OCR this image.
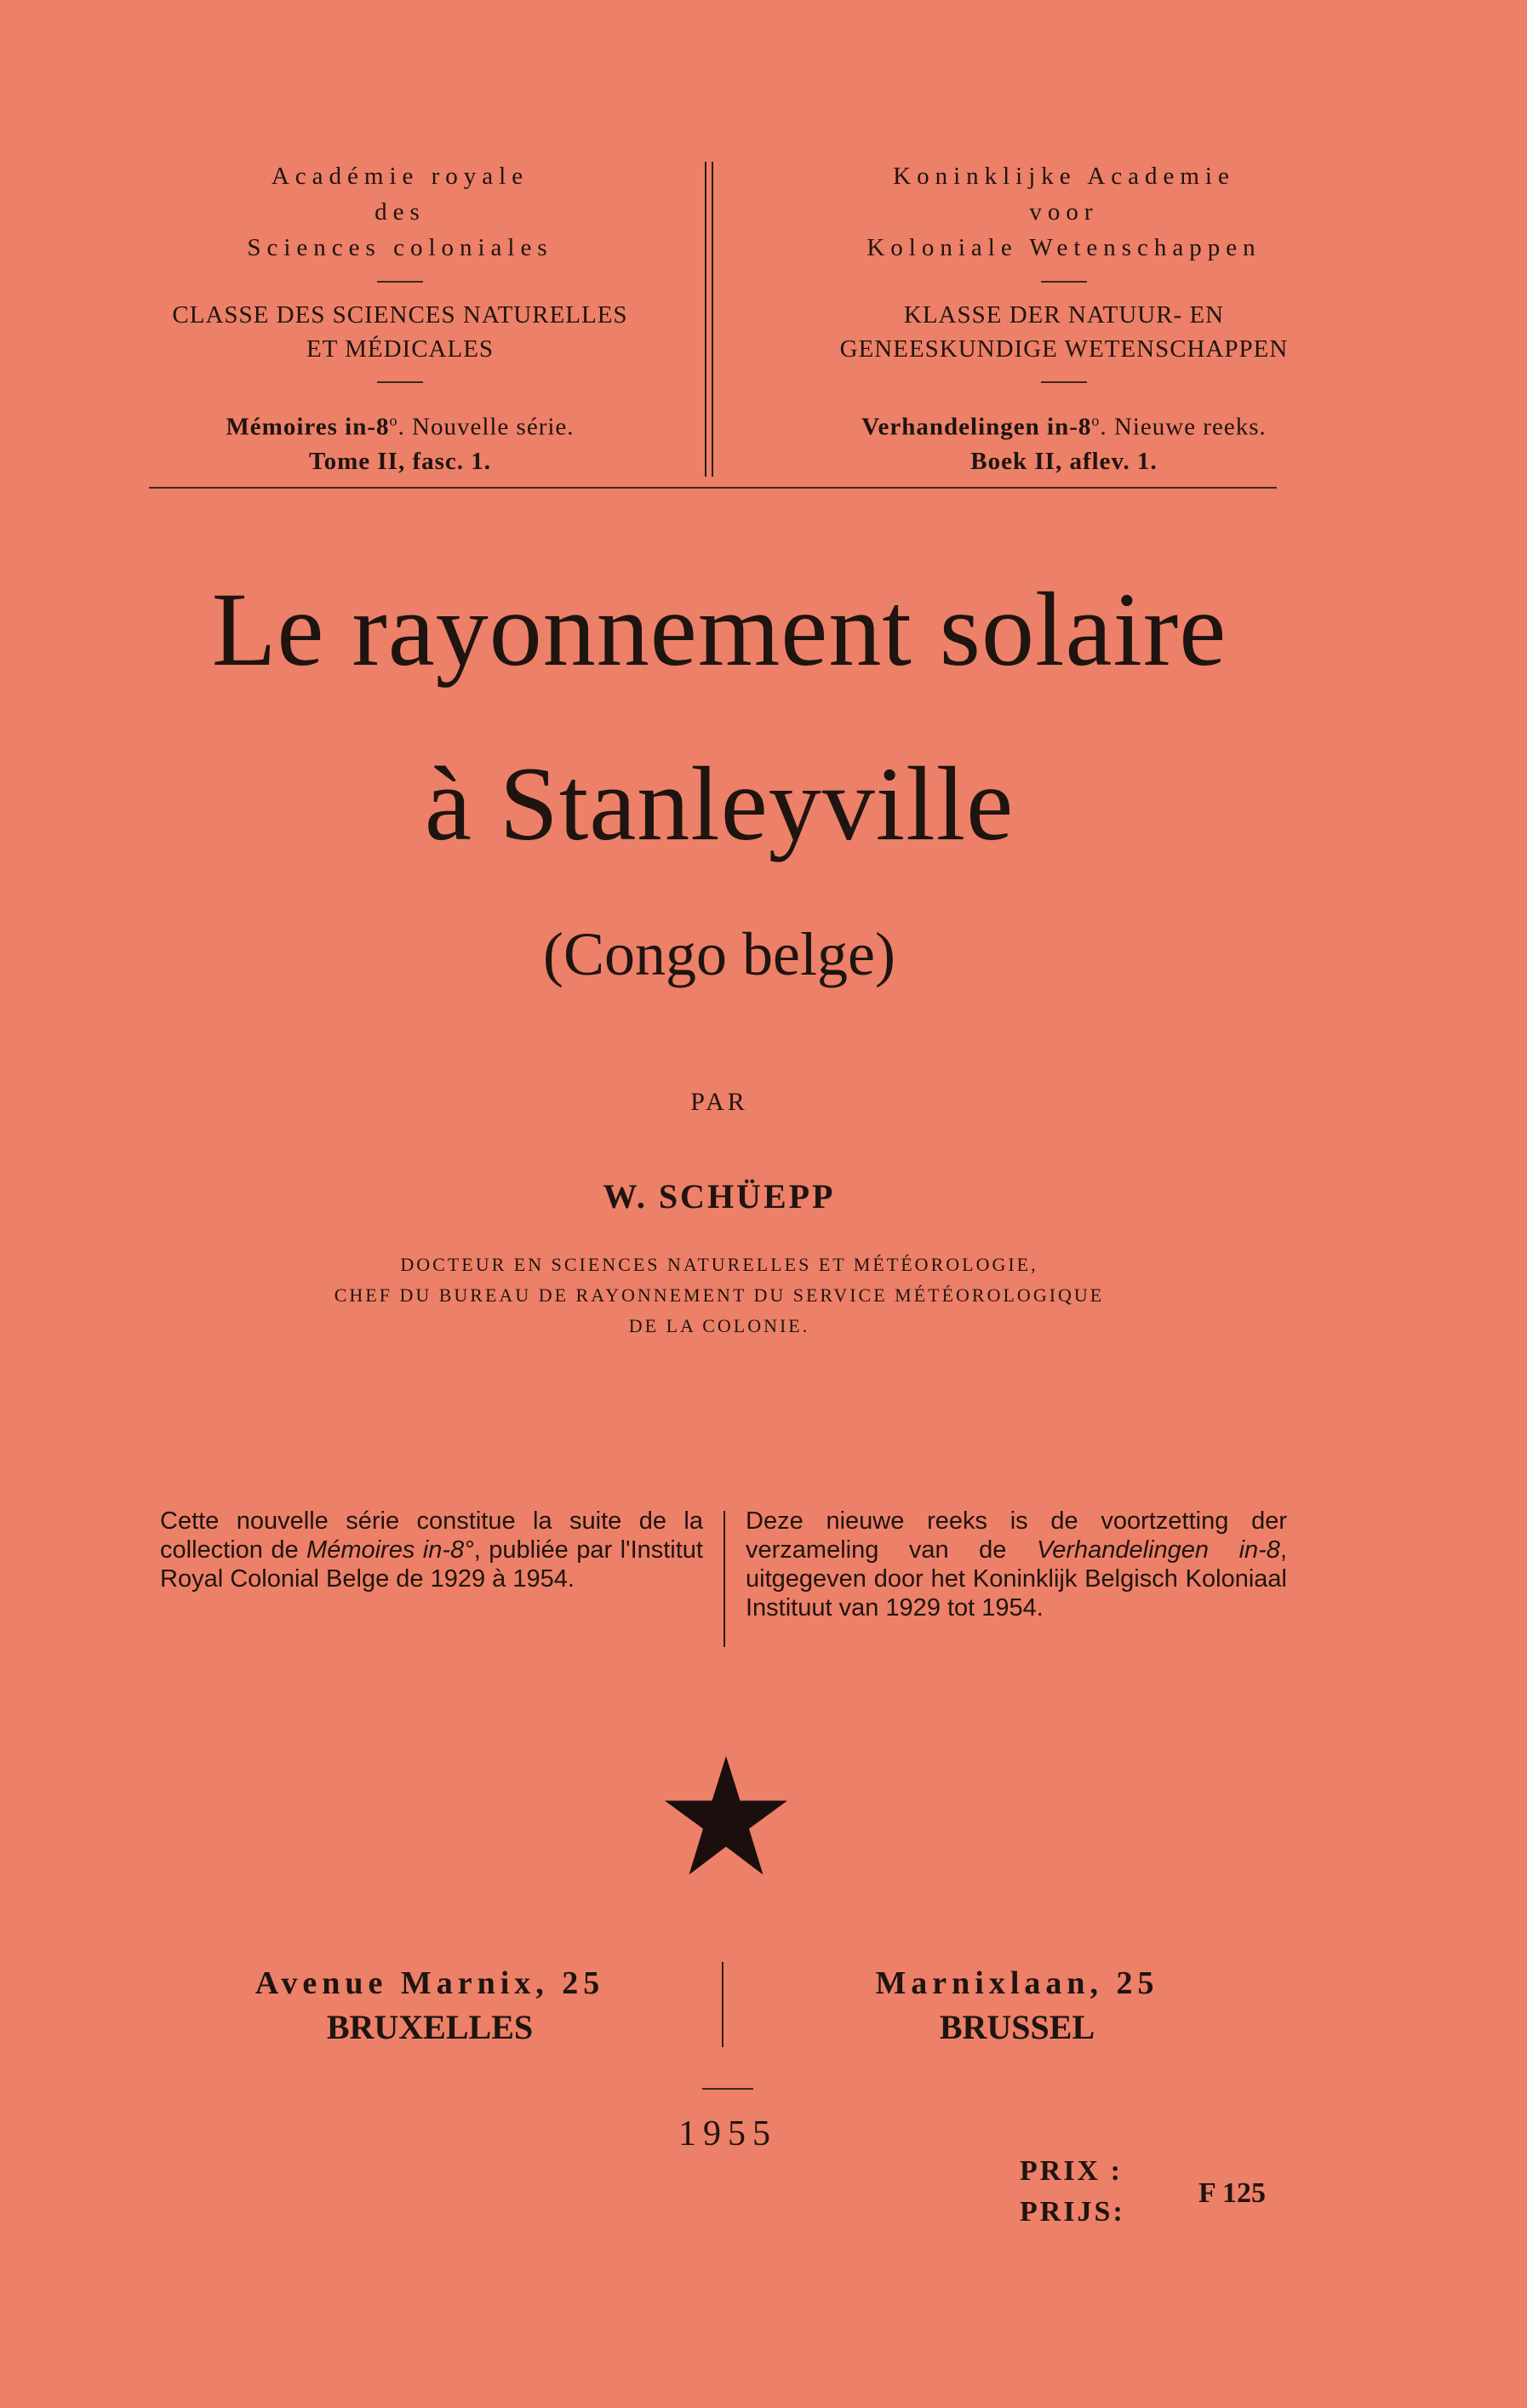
Académie royale
des
Sciences coloniales
CLASSE DES SCIENCES NATURELLES
ET MÉDICALES
Mémoires in-8$^o$. Nouvelle série.
Tome II, fasc. 1.
Koninklijke Academie
voor
Koloniale Wetenschappen
KLASSE DER NATUUR- EN
GENEESKUNDIGE WETENSCHAPPEN
Verhandelingen in-8$^o$. Nieuwe reeks.
Boek II, aflev. 1.
Le rayonnement solaire
à Stanleyville
(Congo belge)
PAR
W. SCHÜEPP
DOCTEUR EN SCIENCES NATURELLES ET MÉTÉOROLOGIE,
CHEF DU BUREAU DE RAYONNEMENT DU SERVICE MÉTÉOROLOGIQUE
DE LA COLONIE.
Cette nouvelle série constitue la suite de la collection de Mémoires in-8°, publiée par l'Institut Royal Colonial Belge de 1929 à 1954.
Deze nieuwe reeks is de voortzetting der verzameling van de Verhandelingen in-8, uitgegeven door het Koninklijk Belgisch Koloniaal Instituut van 1929 tot 1954.
Avenue Marnix, 25
BRUXELLES
Marnixlaan, 25
BRUSSEL
1955
PRIX :
PRIJS:
F 125
